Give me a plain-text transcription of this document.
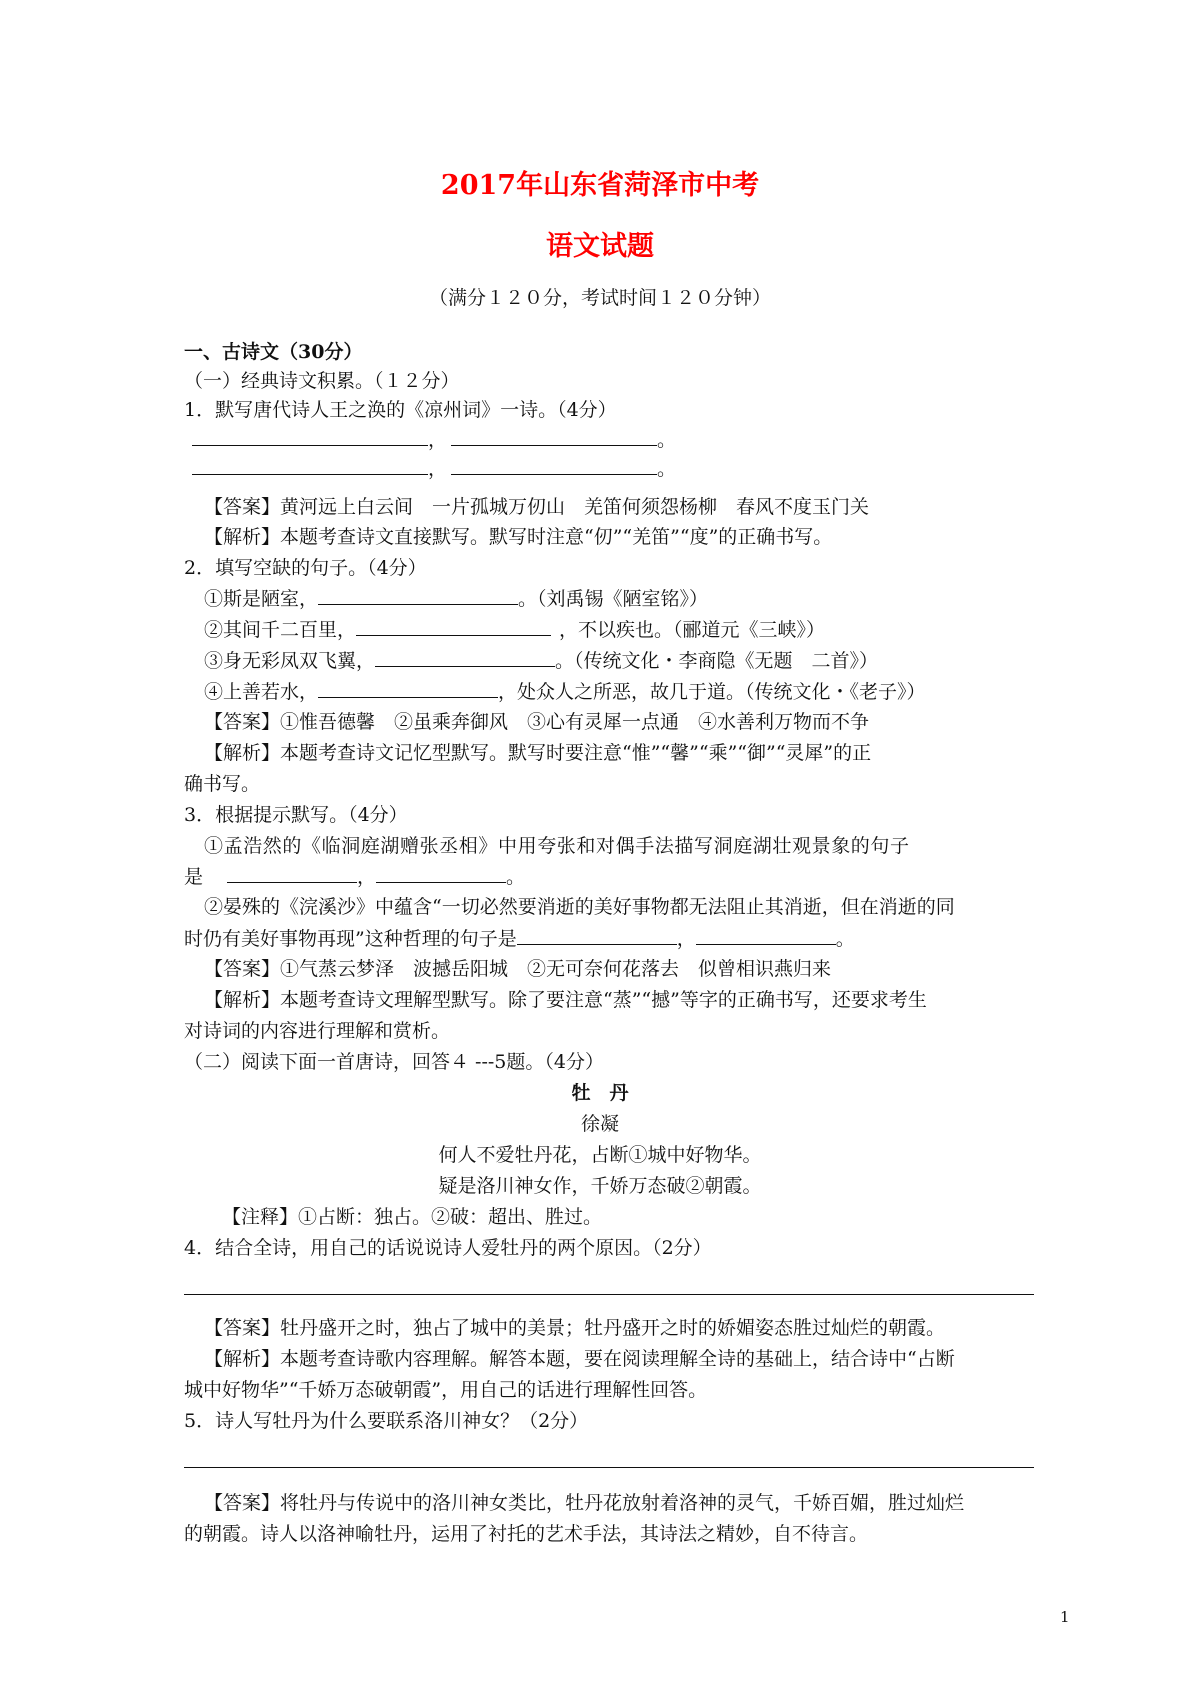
2017年山东省菏泽市中考
语文试题
（满分１２０分，考试时间１２０分钟）
一、古诗文（30分）
（一）经典诗文积累。（１２分）
1．默写唐代诗人王之涣的《凉州词》一诗。（4分）
，	。
，	。
【答案】黄河远上白云间　一片孤城万仞山　羌笛何须怨杨柳　春风不度玉门关
【解析】本题考查诗文直接默写。默写时注意“仞”“羌笛”“度”的正确书写。
2．填写空缺的句子。（4分）
①斯是陋室，	。（刘禹锡《陋室铭》）
②其间千二百里，	，不以疾也。（郦道元《三峡》）
③身无彩凤双飞翼，	。（传统文化・李商隐《无题　二首》）
④上善若水，	，处众人之所恶，故几于道。（传统文化・《老子》）
【答案】①惟吾德馨　②虽乘奔御风　③心有灵犀一点通　④水善利万物而不争
【解析】本题考查诗文记忆型默写。默写时要注意“惟”“馨”“乘”“御”“灵犀”的正
确书写。
3．根据提示默写。（4分）
①孟浩然的《临洞庭湖赠张丞相》中用夸张和对偶手法描写洞庭湖壮观景象的句子
是	，	。
②晏殊的《浣溪沙》中蕴含“一切必然要消逝的美好事物都无法阻止其消逝，但在消逝的同
时仍有美好事物再现”这种哲理的句子是	，	。
【答案】①气蒸云梦泽　波撼岳阳城　②无可奈何花落去　似曾相识燕归来
【解析】本题考查诗文理解型默写。除了要注意“蒸”“撼”等字的正确书写，还要求考生
对诗词的内容进行理解和赏析。
（二）阅读下面一首唐诗，回答４ ---5题。（4分）
牡　丹
徐凝
何人不爱牡丹花，占断①城中好物华。
疑是洛川神女作，千娇万态破②朝霞。
【注释】①占断：独占。②破：超出、胜过。
4．结合全诗，用自己的话说说诗人爱牡丹的两个原因。（2分）
【答案】牡丹盛开之时，独占了城中的美景；牡丹盛开之时的娇媚姿态胜过灿烂的朝霞。
【解析】本题考查诗歌内容理解。解答本题，要在阅读理解全诗的基础上，结合诗中“占断
城中好物华”“千娇万态破朝霞”，用自己的话进行理解性回答。
5．诗人写牡丹为什么要联系洛川神女？（2分）
【答案】将牡丹与传说中的洛川神女类比，牡丹花放射着洛神的灵气，千娇百媚，胜过灿烂
的朝霞。诗人以洛神喻牡丹，运用了衬托的艺术手法，其诗法之精妙，自不待言。
1
